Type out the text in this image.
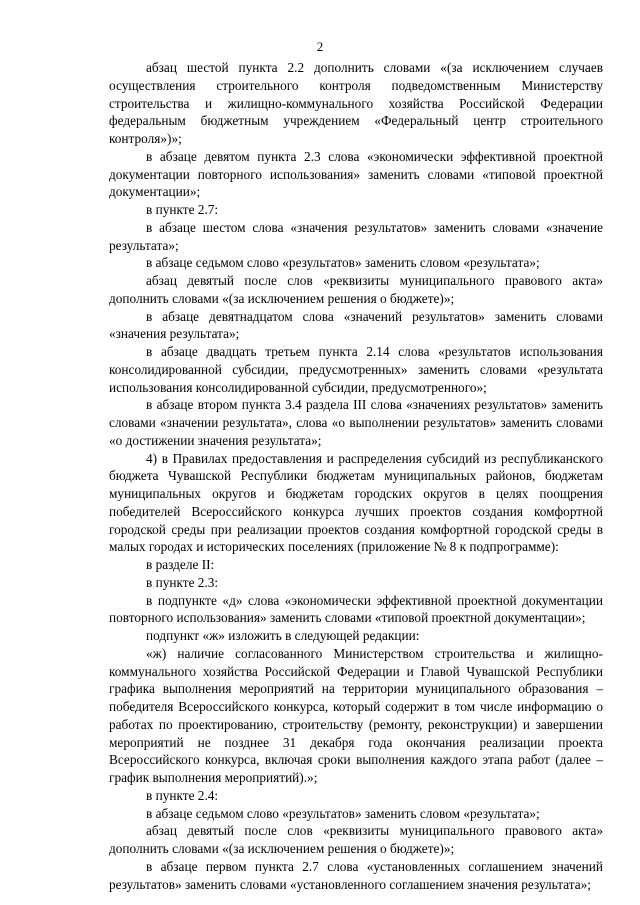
2

абзац шестой пункта 2.2 дополнить словами «(за исключением случаев осуществления строительного контроля подведомственным Министерству строительства и жилищно-коммунального хозяйства Российской Федерации федеральным бюджетным учреждением «Федеральный центр строительного контроля»)»;

в абзаце девятом пункта 2.3 слова «экономически эффективной проектной документации повторного использования» заменить словами «типовой проектной документации»;

в пункте 2.7:

в абзаце шестом слова «значения результатов» заменить словами «значение результата»;

в абзаце седьмом слово «результатов» заменить словом «результата»;

абзац девятый после слов «реквизиты муниципального правового акта» дополнить словами «(за исключением решения о бюджете)»;

в абзаце девятнадцатом слова «значений результатов» заменить словами «значения результата»;

в абзаце двадцать третьем пункта 2.14 слова «результатов использования консолидированной субсидии, предусмотренных» заменить словами «результата использования консолидированной субсидии, предусмотренного»;

в абзаце втором пункта 3.4 раздела III слова «значениях результатов» заменить словами «значении результата», слова «о выполнении результатов» заменить словами «о достижении значения результата»;

4) в Правилах предоставления и распределения субсидий из республиканского бюджета Чувашской Республики бюджетам муниципальных районов, бюджетам муниципальных округов и бюджетам городских округов в целях поощрения победителей Всероссийского конкурса лучших проектов создания комфортной городской среды при реализации проектов создания комфортной городской среды в малых городах и исторических поселениях (приложение № 8 к подпрограмме):

в разделе II:

в пункте 2.3:

в подпункте «д» слова «экономически эффективной проектной документации повторного использования» заменить словами «типовой проектной документации»;

подпункт «ж» изложить в следующей редакции:

«ж) наличие согласованного Министерством строительства и жилищно-коммунального хозяйства Российской Федерации и Главой Чувашской Республики графика выполнения мероприятий на территории муниципального образования – победителя Всероссийского конкурса, который содержит в том числе информацию о работах по проектированию, строительству (ремонту, реконструкции) и завершении мероприятий не позднее 31 декабря года окончания реализации проекта Всероссийского конкурса, включая сроки выполнения каждого этапа работ (далее – график выполнения мероприятий).»;

в пункте 2.4:

в абзаце седьмом слово «результатов» заменить словом «результата»;

абзац девятый после слов «реквизиты муниципального правового акта» дополнить словами «(за исключением решения о бюджете)»;

в абзаце первом пункта 2.7 слова «установленных соглашением значений результатов» заменить словами «установленного соглашением значения результата»;
